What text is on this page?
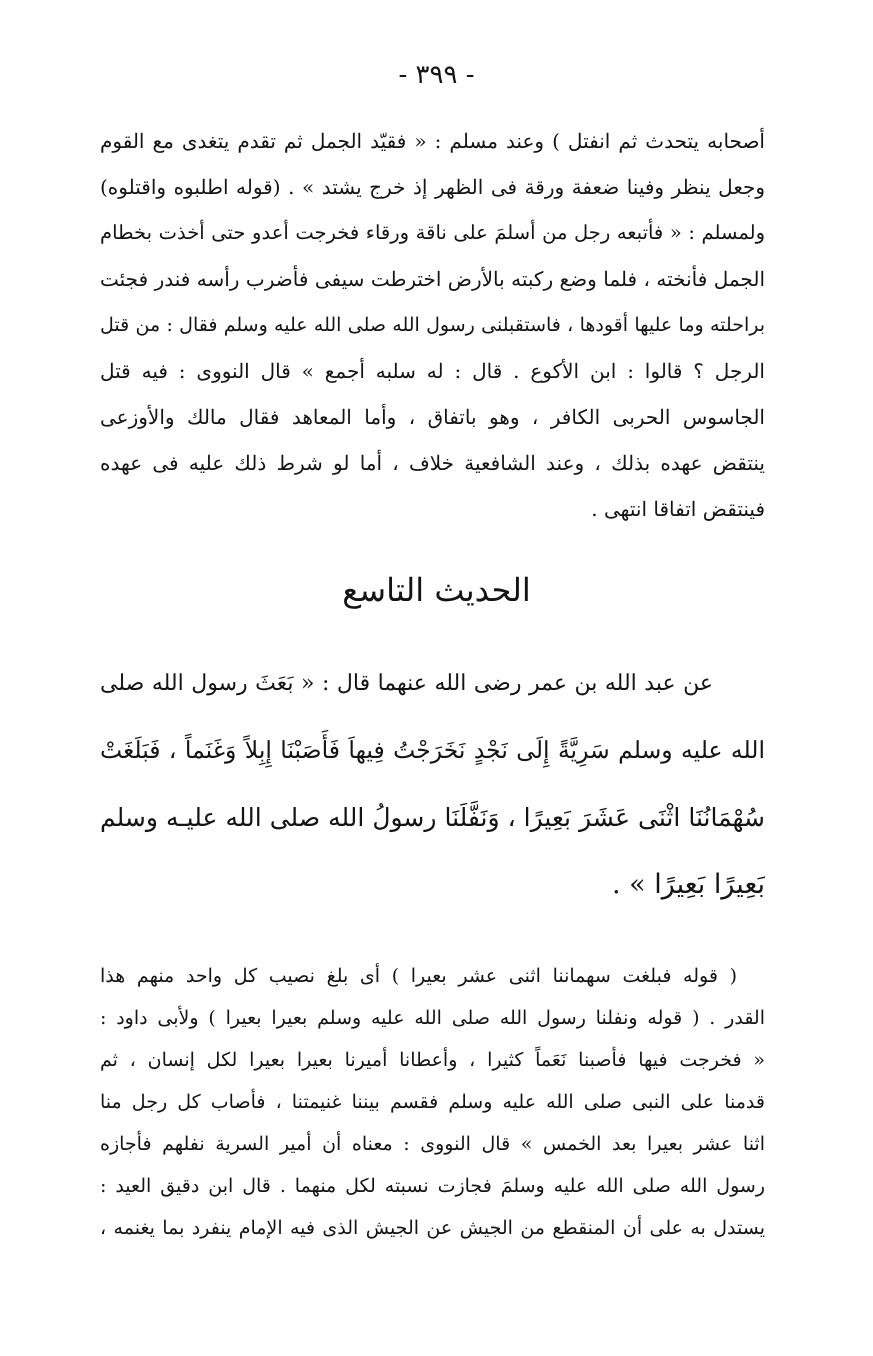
- ٣٩٩ -
أصحابه يتحدث ثم انفتل ) وعند مسلم : « فقيّد الجمل ثم تقدم يتغدى مع القوم
وجعل ينظر وفينا ضعفة ورقة فى الظهر إذ خرج يشتد » . (قوله اطلبوه واقتلوه)
ولمسلم : « فأتبعه رجل من أسلمَ على ناقة ورقاء فخرجت أعدو حتى أخذت بخطام
الجمل فأنخته ، فلما وضع ركبته بالأرض اخترطت سيفى فأضرب رأسه فندر فجئت
براحلته وما عليها أقودها ، فاستقبلنى رسول الله صلى الله عليه وسلم فقال : من قتل
الرجل ؟ قالوا : ابن الأكوع . قال : له سلبه أجمع » قال النووى : فيه قتل
الجاسوس الحربى الكافر ، وهو باتفاق ، وأما المعاهد فقال مالك والأوزعى
ينتقض عهده بذلك ، وعند الشافعية خلاف ، أما لو شرط ذلك عليه فى عهده
فينتقض اتفاقا انتهى .
الحديث التاسع
عن عبد الله بن عمر رضى الله عنهما قال : « بَعَثَ رسول الله صلى
الله عليه وسلم سَرِيَّةً إِلَى نَجْدٍ نَخَرَجْتُ فِيهاَ فَأَصَبْنَا إِبِلاً وَغَنَماً ، فَبَلَغَتْ
سُهْمَانُنَا اثْنَى عَشَرَ بَعِيرًا ، وَنَفَّلَنَا رسولُ الله صلى الله عليـه وسلم
بَعِيرًا بَعِيرًا » .
( قوله فبلغت سهماننا اثنى عشر بعيرا ) أى بلغ نصيب كل واحد منهم هذا
القدر . ( قوله ونفلنا رسول الله صلى الله عليه وسلم بعيرا بعيرا ) ولأبى داود :
« فخرجت فيها فأصبنا نَعَماً كثيرا ، وأعطانا أميرنا بعيرا بعيرا لكل إنسان ، ثم
قدمنا على النبى صلى الله عليه وسلم فقسم بيننا غنيمتنا ، فأصاب كل رجل منا
اثنا عشر بعيرا بعد الخمس » قال النووى : معناه أن أمير السرية نفلهم فأجازه
رسول الله صلى الله عليه وسلمَ فجازت نسبته لكل منهما . قال ابن دقيق العيد :
يستدل به على أن المنقطع من الجيش عن الجيش الذى فيه الإمام ينفرد بما يغنمه ،
